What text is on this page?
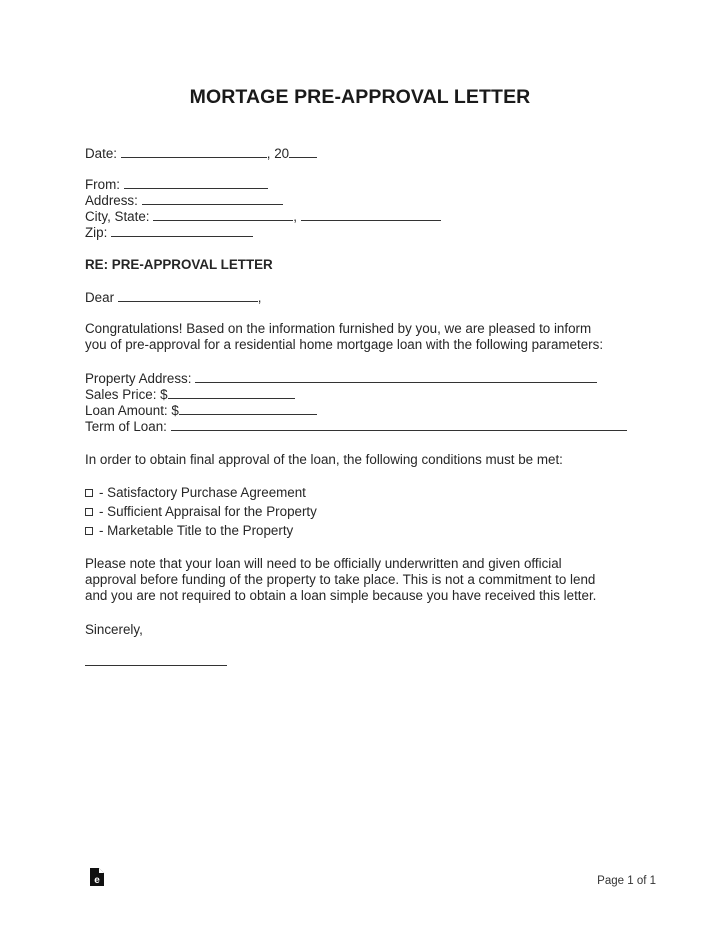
MORTAGE PRE-APPROVAL LETTER
Date:	, 20
From:
Address:
City, State:	,
Zip:
RE: PRE-APPROVAL LETTER
Dear	,
Congratulations! Based on the information furnished by you, we are pleased to inform
you of pre-approval for a residential home mortgage loan with the following parameters:
Property Address:
Sales Price: $
Loan Amount: $
Term of Loan:
In order to obtain final approval of the loan, the following conditions must be met:
- Satisfactory Purchase Agreement
- Sufficient Appraisal for the Property
- Marketable Title to the Property
Please note that your loan will need to be officially underwritten and given official
approval before funding of the property to take place. This is not a commitment to lend
and you are not required to obtain a loan simple because you have received this letter.
Sincerely,
e	Page 1 of 1
